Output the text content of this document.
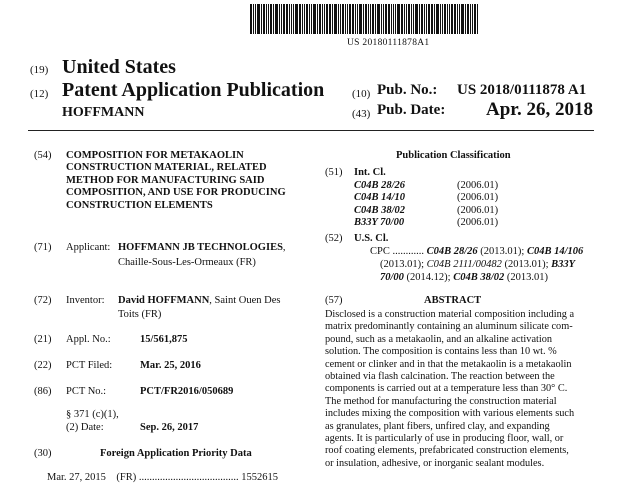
US 20180111878A1
(19) United States
(12) Patent Application Publication
HOFFMANN
(10) Pub. No.: US 2018/0111878 A1
(43) Pub. Date: Apr. 26, 2018
(54) COMPOSITION FOR METAKAOLIN
CONSTRUCTION MATERIAL, RELATED
METHOD FOR MANUFACTURING SAID
COMPOSITION, AND USE FOR PRODUCING
CONSTRUCTION ELEMENTS
(71) Applicant: HOFFMANN JB TECHNOLOGIES,
Chaille-Sous-Les-Ormeaux (FR)
(72) Inventor: David HOFFMANN, Saint Ouen Des
Toits (FR)
(21) Appl. No.:	15/561,875
(22) PCT Filed:	Mar. 25, 2016
(86) PCT No.:	PCT/FR2016/050689
§ 371 (c)(1),
(2) Date:	Sep. 26, 2017
(30)	Foreign Application Priority Data
Mar. 27, 2015 (FR) ...................................... 1552615
Publication Classification
(51) Int. Cl.
C04B 28/26	(2006.01)
C04B 14/10	(2006.01)
C04B 38/02	(2006.01)
B33Y 70/00	(2006.01)
(52) U.S. Cl.
CPC ............ C04B 28/26 (2013.01); C04B 14/106
(2013.01); C04B 2111/00482 (2013.01); B33Y
70/00 (2014.12); C04B 38/02 (2013.01)
(57)	ABSTRACT
Disclosed is a construction material composition including a
matrix predominantly containing an aluminum silicate com-
pound, such as a metakaolin, and an alkaline activation
solution. The composition is contains less than 10 wt. %
cement or clinker and in that the metakaolin is a metakaolin
obtained via flash calcination. The reaction between the
components is carried out at a temperature less than 30° C.
The method for manufacturing the construction material
includes mixing the composition with various elements such
as granulates, plant fibers, unfired clay, and expanding
agents. It is particularly of use in producing floor, wall, or
roof coating elements, prefabricated construction elements,
or insulation, adhesive, or inorganic sealant modules.
